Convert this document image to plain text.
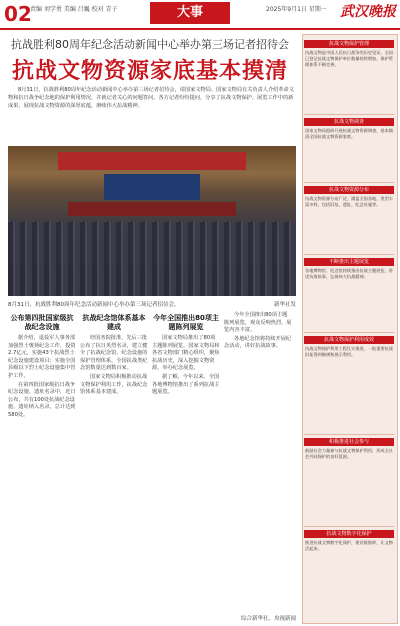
02
责编 刘学勇 美编 吕巍 校对 青子	大事	2025年9月1日 星期一 武汉晚报
抗战胜利80周年纪念活动新闻中心举办第三场记者招待会
抗战文物资源家底基本摸清
8月31日，抗战胜利80周年纪念活动新闻中心举办第三场记者招待会，请国家文物局、国家文物局有关负责人介绍革命文物和抗日战争纪念地的保护利用情况，并就记者关心的问题答问。各方记者纷纷提问，分享了抗战文物保护、展览工作中的新成果，展现抗战文物资源的深厚底蕴，赓续伟大抗战精神。
8月31日，抗战胜利80周年纪念活动新闻中心举办第三场记者招待会。	新华社发
公布第四批国家级抗战纪念设施

据介绍，退役军人事务部加强烈士褒扬纪念工作，投资2.7亿元，实施43个抗战烈士纪念设施建设项目；实施全国县级以下烈士纪念设施集中管护工作。

在第四批国家级抗日战争纪念设施、遗址名录中，近日公布，共有100处抗战纪念设施、遗址纳入名录，总计达到580处。

抗战纪念馆体系基本建成

经国务院批准，先后三批公布了抗日英烈名录，建立健全了抗战纪念馆、纪念设施的保护管理体系，全国抗战类纪念馆数量达到数百家。

国家文物局积极推动抗战文物保护利用工作，抗战纪念馆体系基本建成。

今年全国推出80项主题陈列展览

国家文物局推出了80项主题陈列展览，国家文物局和各省文物部门精心组织，聚焦抗战历史，深入挖掘文物资源，举办纪念展览。

据了解，今年以来，全国各地博物馆推出了系列抗战主题展览。

今年全国推出80项主题陈列展览，观众反响热烈，展览内容丰富。

各地纪念馆将持续开展纪念活动，讲好抗战故事。

综合新华社、央视新闻
抗战文物保护管理
抗战文物是中国人民抗日战争的历史见证，全国已登记抗战文物保护单位数量持续增加，保护管理体系不断完善。
抗战文物调查
国家文物局组织开展抗战文物资源调查，基本摸清全国抗战文物资源家底。
抗战文物资源分布
抗战文物资源分布广泛，涵盖全国各地，类型丰富多样，包括旧址、遗址、纪念设施等。
不断推出主题展览
各地博物馆、纪念馆持续推出抗战主题展览，讲述抗战故事，弘扬伟大抗战精神。
抗战文物保护利用成效
抗战文物保护利用工程扎实推进，一批重要抗战旧址得到修缮和展示利用。
积极推进社会参与
鼓励社会力量参与抗战文物保护利用，形成全社会共同保护的良好氛围。
抗战文物数字化保护
推进抗战文物数字化保护，建设数据库，让文物活起来。
